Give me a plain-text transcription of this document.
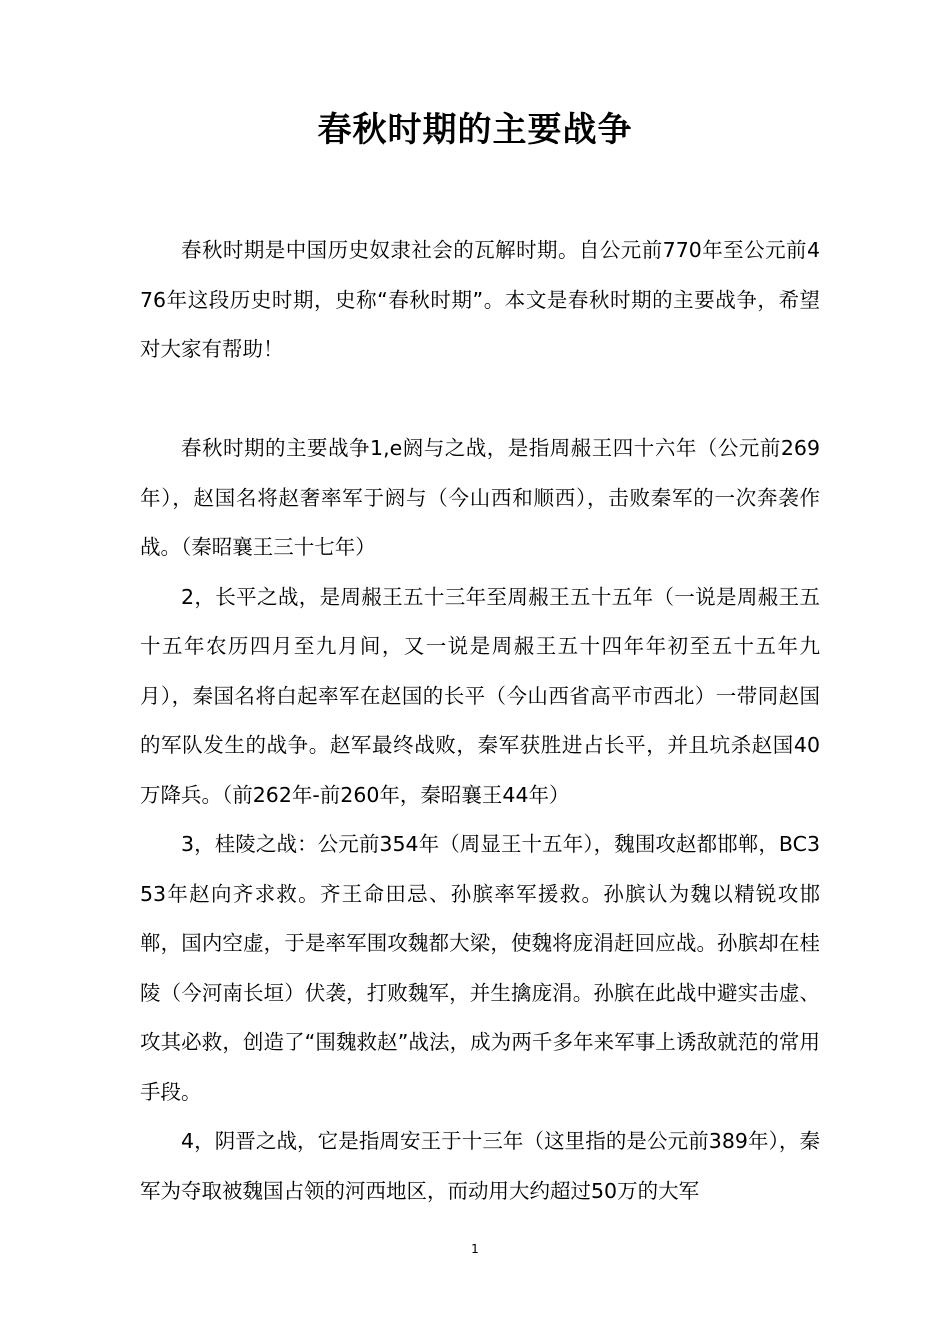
春秋时期的主要战争

春秋时期是中国历史奴隶社会的瓦解时期。自公元前770年至公元前476年这段历史时期，史称“春秋时期”。本文是春秋时期的主要战争，希望对大家有帮助！

春秋时期的主要战争1,e阏与之战，是指周赧王四十六年（公元前269年），赵国名将赵奢率军于阏与（今山西和顺西），击败秦军的一次奔袭作战。（秦昭襄王三十七年）

2，长平之战，是周赧王五十三年至周赧王五十五年（一说是周赧王五十五年农历四月至九月间，又一说是周赧王五十四年年初至五十五年九月），秦国名将白起率军在赵国的长平（今山西省高平市西北）一带同赵国的军队发生的战争。赵军最终战败，秦军获胜进占长平，并且坑杀赵国40万降兵。（前262年-前260年，秦昭襄王44年）

3，桂陵之战：公元前354年（周显王十五年），魏围攻赵都邯郸，BC353年赵向齐求救。齐王命田忌、孙膑率军援救。孙膑认为魏以精锐攻邯郸，国内空虚，于是率军围攻魏都大梁，使魏将庞涓赶回应战。孙膑却在桂陵（今河南长垣）伏袭，打败魏军，并生擒庞涓。孙膑在此战中避实击虚、攻其必救，创造了“围魏救赵”战法，成为两千多年来军事上诱敌就范的常用手段。

4，阴晋之战，它是指周安王于十三年（这里指的是公元前389年），秦军为夺取被魏国占领的河西地区，而动用大约超过50万的大军

1
